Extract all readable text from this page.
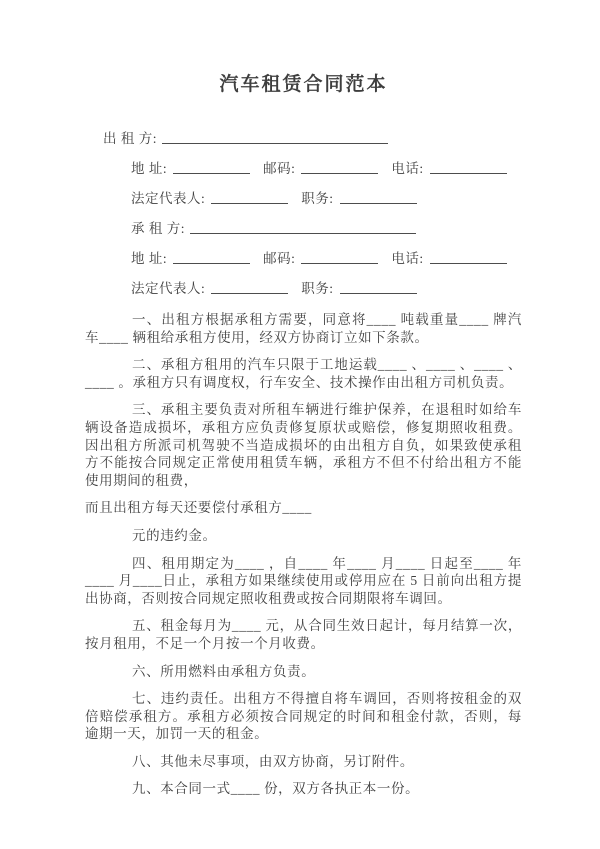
汽车租赁合同范本
出 租 方:
地 址:	邮码:	电话:
法定代表人:	职务:
承 租 方:
地 址:	邮码:	电话:
法定代表人:	职务:

一、出租方根据承租方需要，同意将____ 吨载重量____ 牌汽车____ 辆租给承租方使用，经双方协商订立如下条款。

二、承租方租用的汽车只限于工地运载____ 、____ 、____ 、____ 。承租方只有调度权，行车安全、技术操作由出租方司机负责。

三、承租主要负责对所租车辆进行维护保养，在退租时如给车辆设备造成损坏，承租方应负责修复原状或赔偿，修复期照收租费。因出租方所派司机驾驶不当造成损坏的由出租方自负，如果致使承租方不能按合同规定正常使用租赁车辆，承租方不但不付给出租方不能使用期间的租费，

而且出租方每天还要偿付承租方____

元的违约金。

四、租用期定为____ ，自____ 年____ 月____ 日起至____ 年____ 月____日止，承租方如果继续使用或停用应在 5 日前向出租方提出协商，否则按合同规定照收租费或按合同期限将车调回。

五、租金每月为____ 元，从合同生效日起计，每月结算一次，按月租用，不足一个月按一个月收费。

六、所用燃料由承租方负责。

七、违约责任。出租方不得擅自将车调回，否则将按租金的双倍赔偿承租方。承租方必须按合同规定的时间和租金付款，否则，每逾期一天，加罚一天的租金。

八、其他未尽事项，由双方协商，另订附件。

九、本合同一式____ 份，双方各执正本一份。
